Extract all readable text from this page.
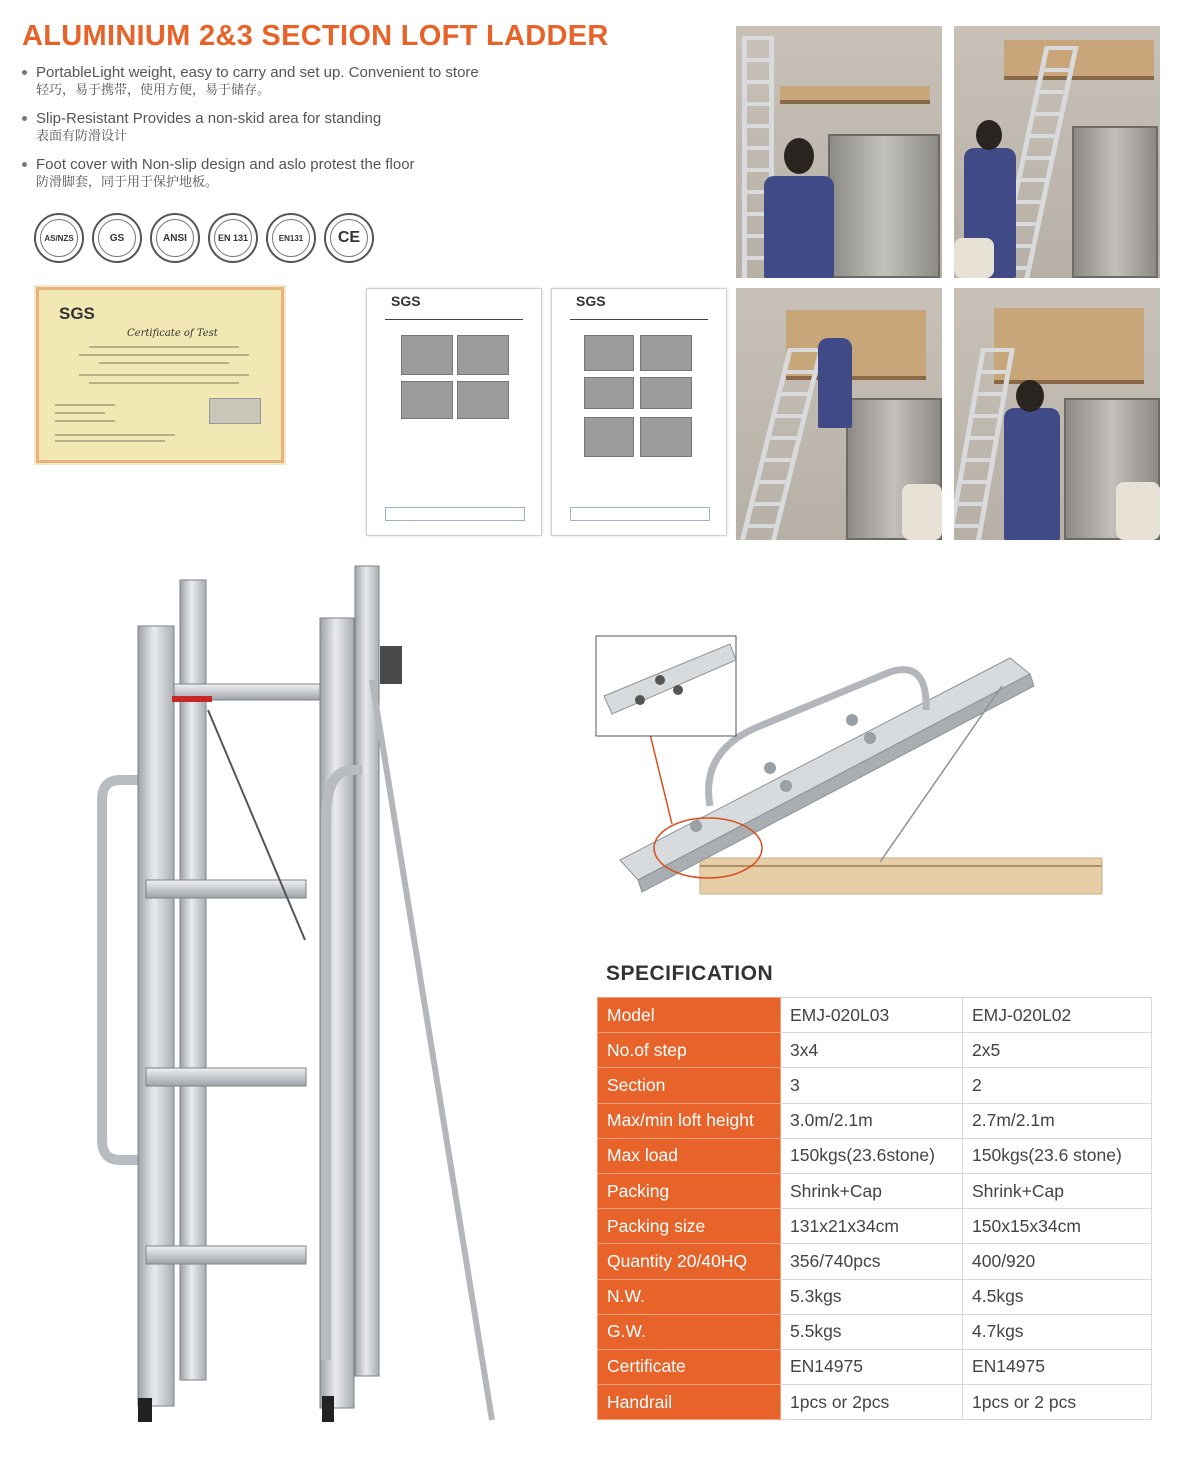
ALUMINIUM 2&3 SECTION LOFT LADDER
PortableLight weight, easy to carry and set up. Convenient to store
轻巧，易于携带，使用方便，易于储存。
Slip-Resistant Provides a non-skid area for standing
表面有防滑设计
Foot cover with Non-slip design and aslo protest the floor
防滑脚套，同于用于保护地板。
AS/NZS	GS	ANSI	EN 131	EN131 CE
SGS
Certificate of Test
SGS	SGS
SPECIFICATION
Model	EMJ-020L03	EMJ-020L02
No.of step	3x4	2x5
Section	3	2
Max/min loft height	3.0m/2.1m	2.7m/2.1m
Max load	150kgs(23.6stone)	150kgs(23.6 stone)
Packing	Shrink+Cap	Shrink+Cap
Packing size	131x21x34cm	150x15x34cm
Quantity 20/40HQ	356/740pcs	400/920
N.W.	5.3kgs	4.5kgs
G.W.	5.5kgs	4.7kgs
Certificate	EN14975	EN14975
Handrail	1pcs or 2pcs	1pcs or 2 pcs
